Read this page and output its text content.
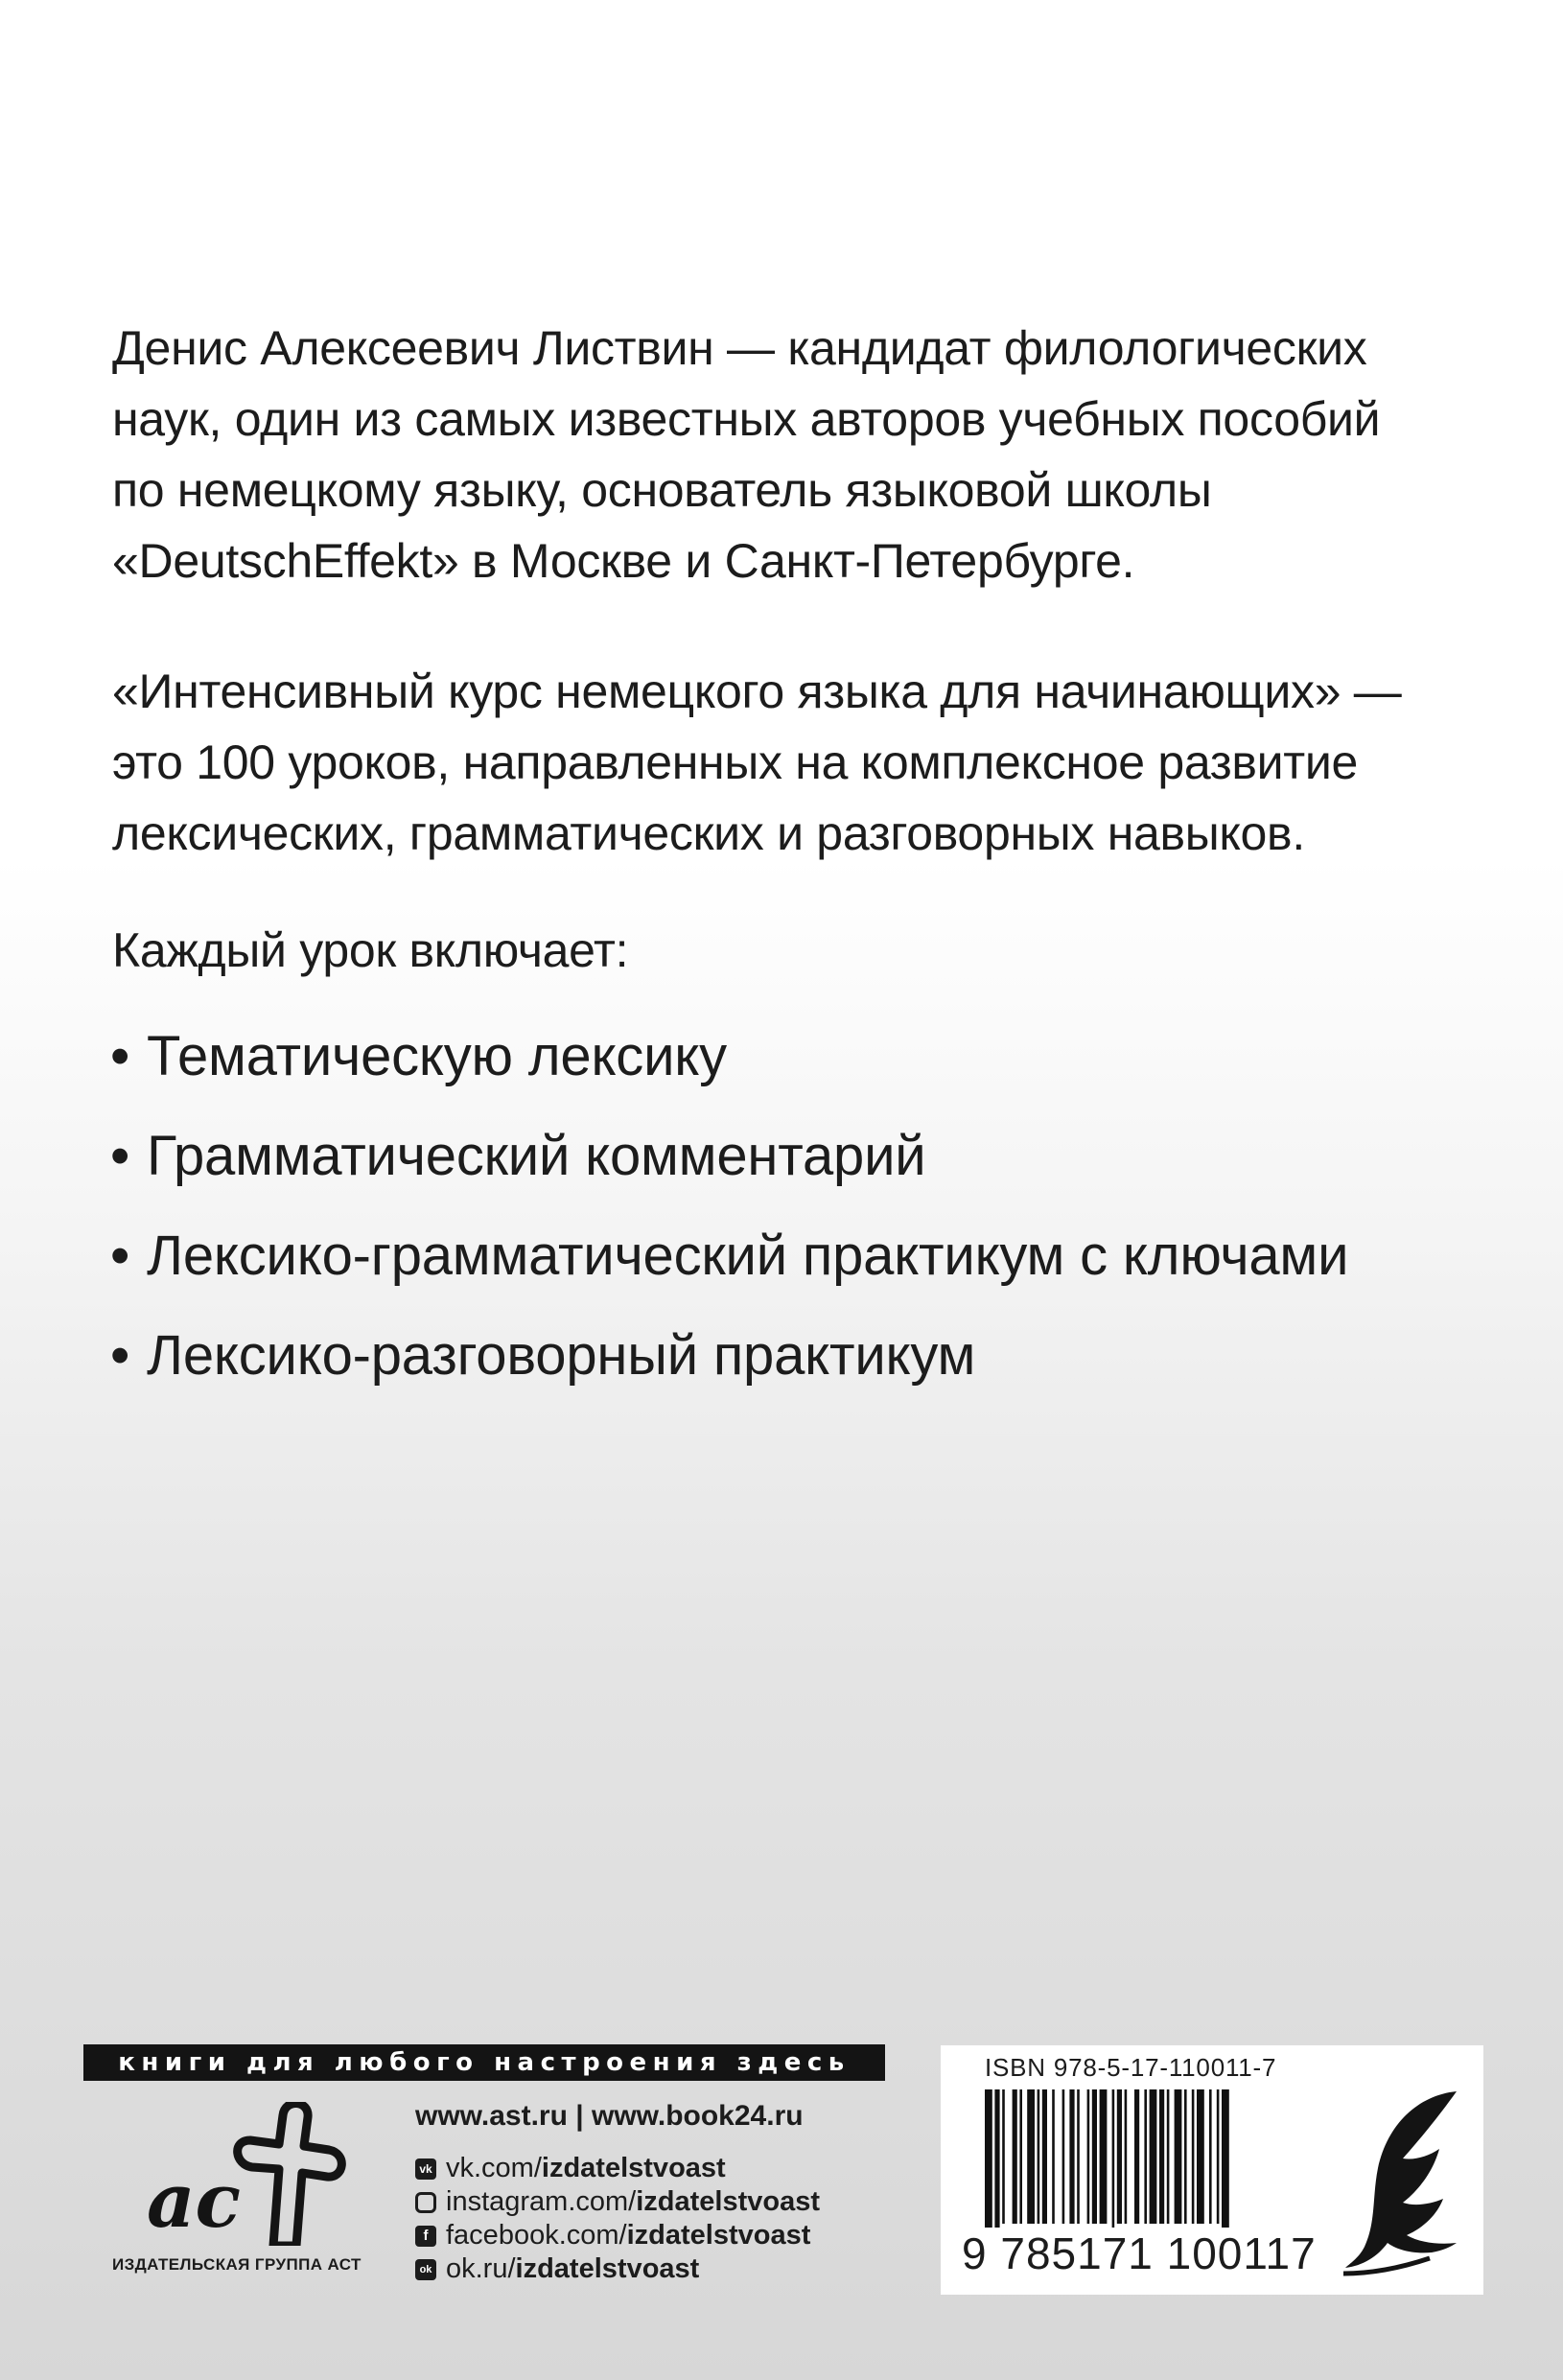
Денис Алексеевич Листвин — кандидат филологических
наук, один из самых известных авторов учебных пособий
по немецкому языку, основатель языковой школы
«DeutschEffekt» в Москве и Санкт-Петербурге.
«Интенсивный курс немецкого языка для начинающих» —
это 100 уроков, направленных на комплексное развитие
лексических, грамматических и разговорных навыков.
Каждый урок включает:
• Тематическую лексику
• Грамматический комментарий
• Лексико-грамматический практикум с ключами
• Лексико-разговорный практикум
книги для любого настроения здесь
ас
ИЗДАТЕЛЬСКАЯ ГРУППА АСТ
www.ast.ru | www.book24.ru
vk vk.com/ izdatelstvoast
instagram.com/ izdatelstvoast
f facebook.com/ izdatelstvoast
ok ok.ru/ izdatelstvoast
ISBN 978-5-17-110011-7
9 785171 100117
